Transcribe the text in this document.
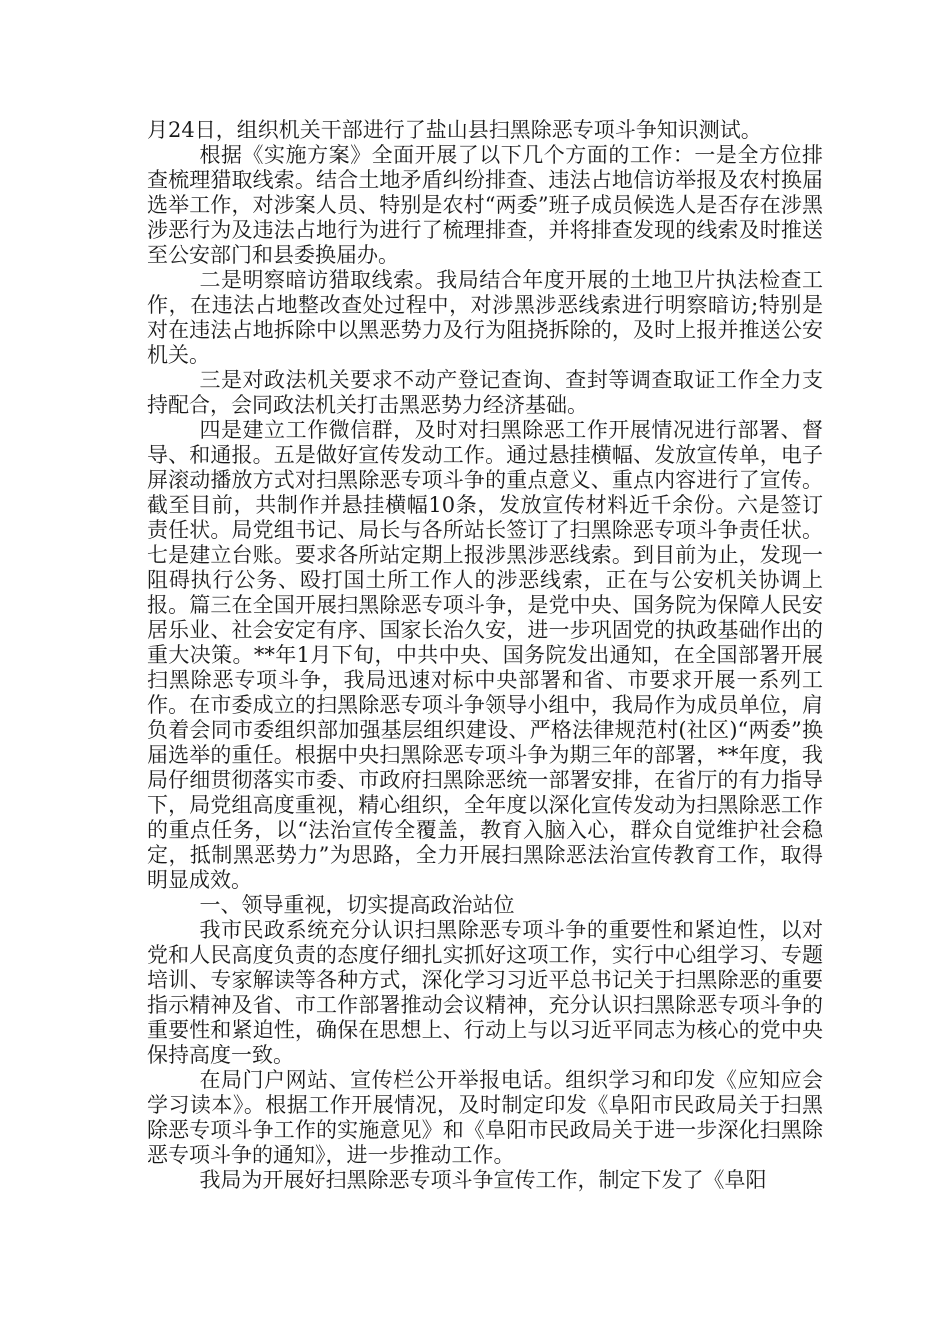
月24日，组织机关干部进行了盐山县扫黑除恶专项斗争知识测试。

根据《实施方案》全面开展了以下几个方面的工作：一是全方位排查梳理猎取线索。结合土地矛盾纠纷排查、违法占地信访举报及农村换届选举工作，对涉案人员、特别是农村“两委”班子成员候选人是否存在涉黑涉恶行为及违法占地行为进行了梳理排查，并将排查发现的线索及时推送至公安部门和县委换届办。

二是明察暗访猎取线索。我局结合年度开展的土地卫片执法检查工作，在违法占地整改查处过程中，对涉黑涉恶线索进行明察暗访;特别是对在违法占地拆除中以黑恶势力及行为阻挠拆除的，及时上报并推送公安机关。

三是对政法机关要求不动产登记查询、查封等调查取证工作全力支持配合，会同政法机关打击黑恶势力经济基础。

四是建立工作微信群，及时对扫黑除恶工作开展情况进行部署、督导、和通报。五是做好宣传发动工作。通过悬挂横幅、发放宣传单，电子屏滚动播放方式对扫黑除恶专项斗争的重点意义、重点内容进行了宣传。截至目前，共制作并悬挂横幅10条，发放宣传材料近千余份。六是签订责任状。局党组书记、局长与各所站长签订了扫黑除恶专项斗争责任状。七是建立台账。要求各所站定期上报涉黑涉恶线索。到目前为止，发现一阻碍执行公务、殴打国土所工作人的涉恶线索，正在与公安机关协调上报。篇三在全国开展扫黑除恶专项斗争，是党中央、国务院为保障人民安居乐业、社会安定有序、国家长治久安，进一步巩固党的执政基础作出的重大决策。**年1月下旬，中共中央、国务院发出通知，在全国部署开展扫黑除恶专项斗争，我局迅速对标中央部署和省、市要求开展一系列工作。在市委成立的扫黑除恶专项斗争领导小组中，我局作为成员单位，肩负着会同市委组织部加强基层组织建设、严格法律规范村(社区)“两委”换届选举的重任。根据中央扫黑除恶专项斗争为期三年的部署，**年度，我局仔细贯彻落实市委、市政府扫黑除恶统一部署安排，在省厅的有力指导下，局党组高度重视，精心组织，全年度以深化宣传发动为扫黑除恶工作的重点任务，以“法治宣传全覆盖，教育入脑入心，群众自觉维护社会稳定，抵制黑恶势力”为思路，全力开展扫黑除恶法治宣传教育工作，取得明显成效。

一、领导重视，切实提高政治站位

我市民政系统充分认识扫黑除恶专项斗争的重要性和紧迫性，以对党和人民高度负责的态度仔细扎实抓好这项工作，实行中心组学习、专题培训、专家解读等各种方式，深化学习习近平总书记关于扫黑除恶的重要指示精神及省、市工作部署推动会议精神，充分认识扫黑除恶专项斗争的重要性和紧迫性，确保在思想上、行动上与以习近平同志为核心的党中央保持高度一致。

在局门户网站、宣传栏公开举报电话。组织学习和印发《应知应会学习读本》。根据工作开展情况，及时制定印发《阜阳市民政局关于扫黑除恶专项斗争工作的实施意见》和《阜阳市民政局关于进一步深化扫黑除恶专项斗争的通知》，进一步推动工作。

我局为开展好扫黑除恶专项斗争宣传工作，制定下发了《阜阳
